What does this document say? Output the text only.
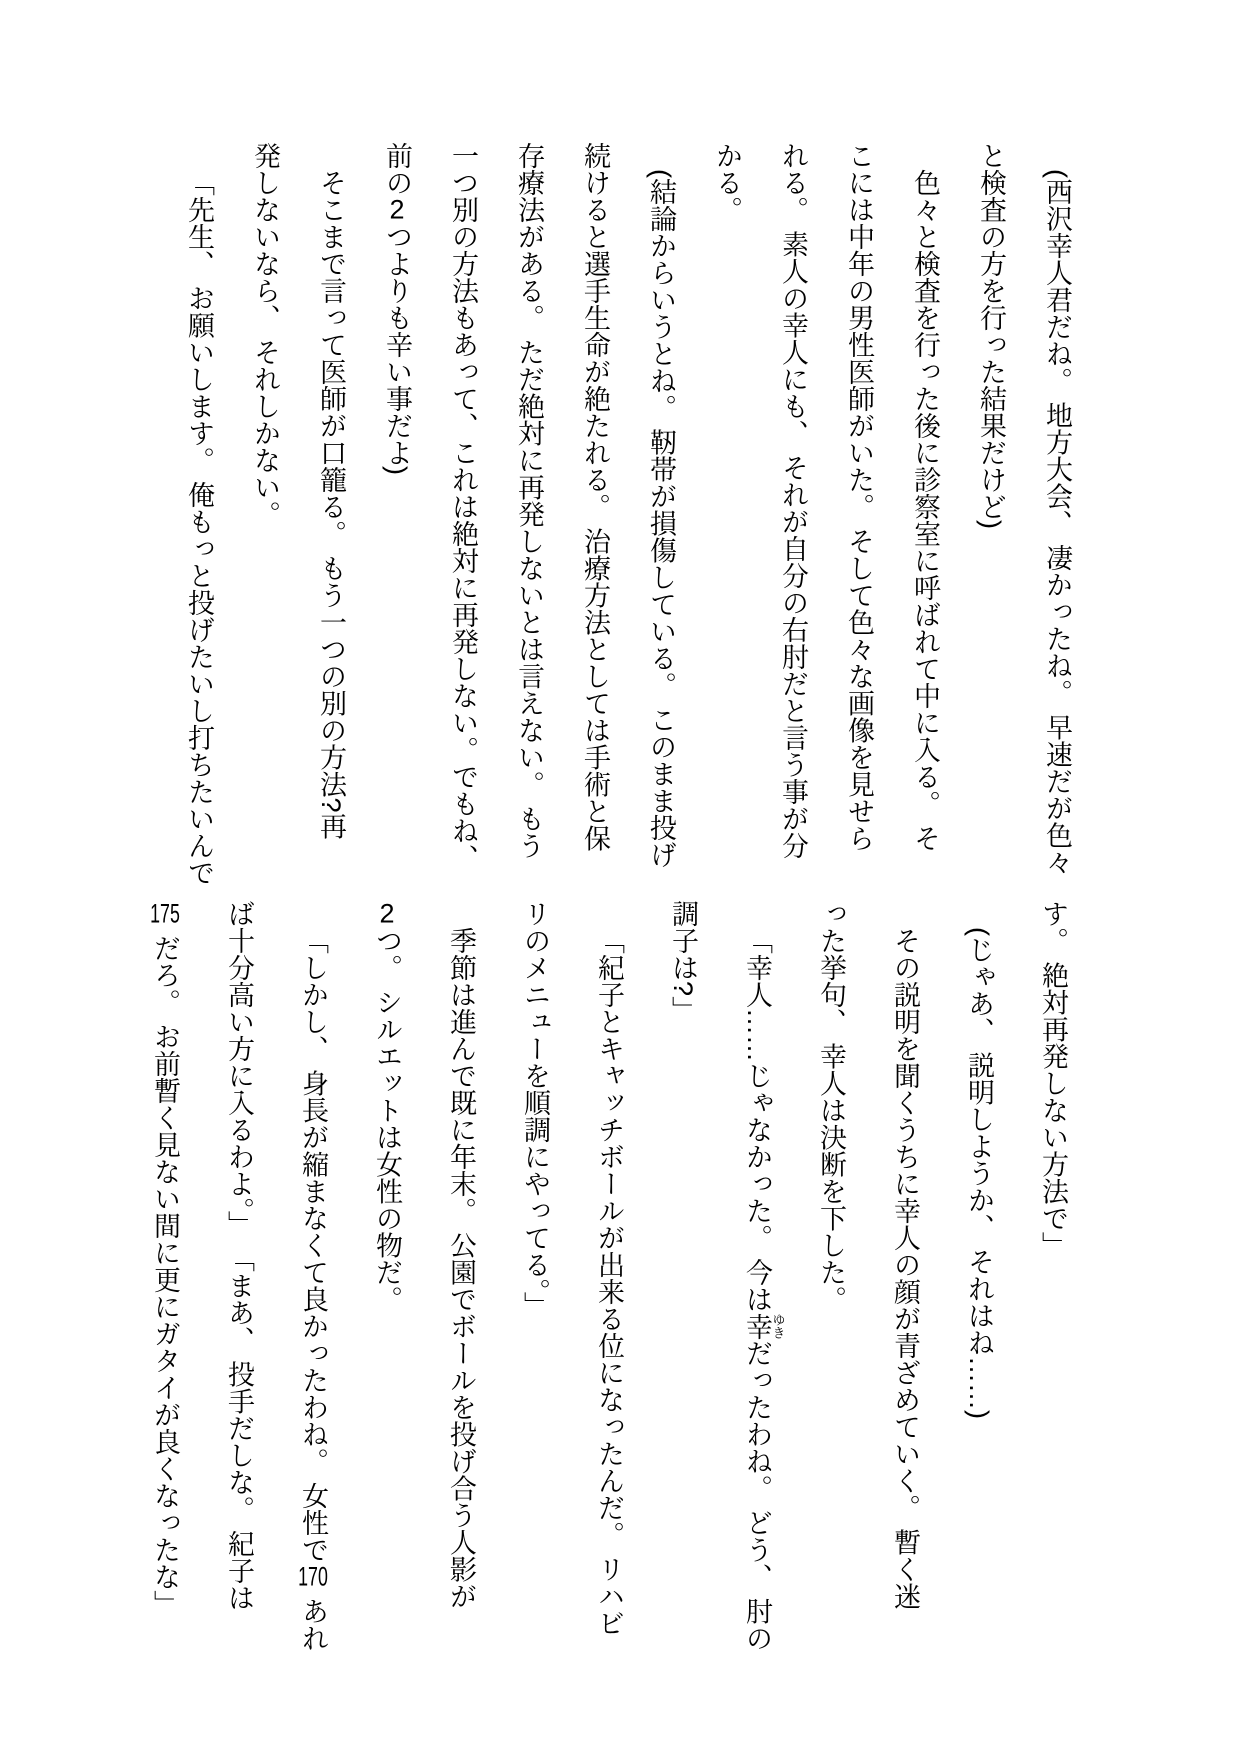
(西沢幸人君だね。 地方大会、 凄かったね。 早速だが色々
と検査の方を行った結果だけど)
色々と検査を行った後に診察室に呼ばれて中に入る。 そ
こには中年の男性医師がいた。 そして色々な画像を見せら
れる。 素人の幸人にも、 それが自分の右肘だと言う事が分
かる。
(結論からいうとね。 靭帯が損傷している。 このまま投げ
続けると選手生命が絶たれる。 治療方法としては手術と保
存療法がある。 ただ絶対に再発しないとは言えない。 もう
一つ別の方法もあって、これは絶対に再発しない。でもね、
前の2つよりも辛い事だよ)
そこまで言って医師が口籠る。 もう一つの別の方法?再
発しないなら、 それしかない。
「先生、 お願いします。 俺もっと投げたいし打ちたいんで
す。 絶対再発しない方法で」
(じゃあ、 説明しようか、 それはね……)
その説明を聞くうちに幸人の顔が青ざめていく。 暫く迷
った挙句、 幸人は決断を下した。
「幸人……じゃなかった。 今は幸ゆきだったわね。 どう、 肘の
調子は?」
「紀子とキャッチボールが出来る位になったんだ。 リハビ
リのメニューを順調にやってる。」
季節は進んで既に年末。 公園でボールを投げ合う人影が
2つ。 シルエットは女性の物だ。
「しかし、 身長が縮まなくて良かったわね。 女性で170 あれ
ば十分高い方に入るわよ。」 「まあ、 投手だしな。 紀子は
175 だろ。 お前暫く見ない間に更にガタイが良くなったな」
